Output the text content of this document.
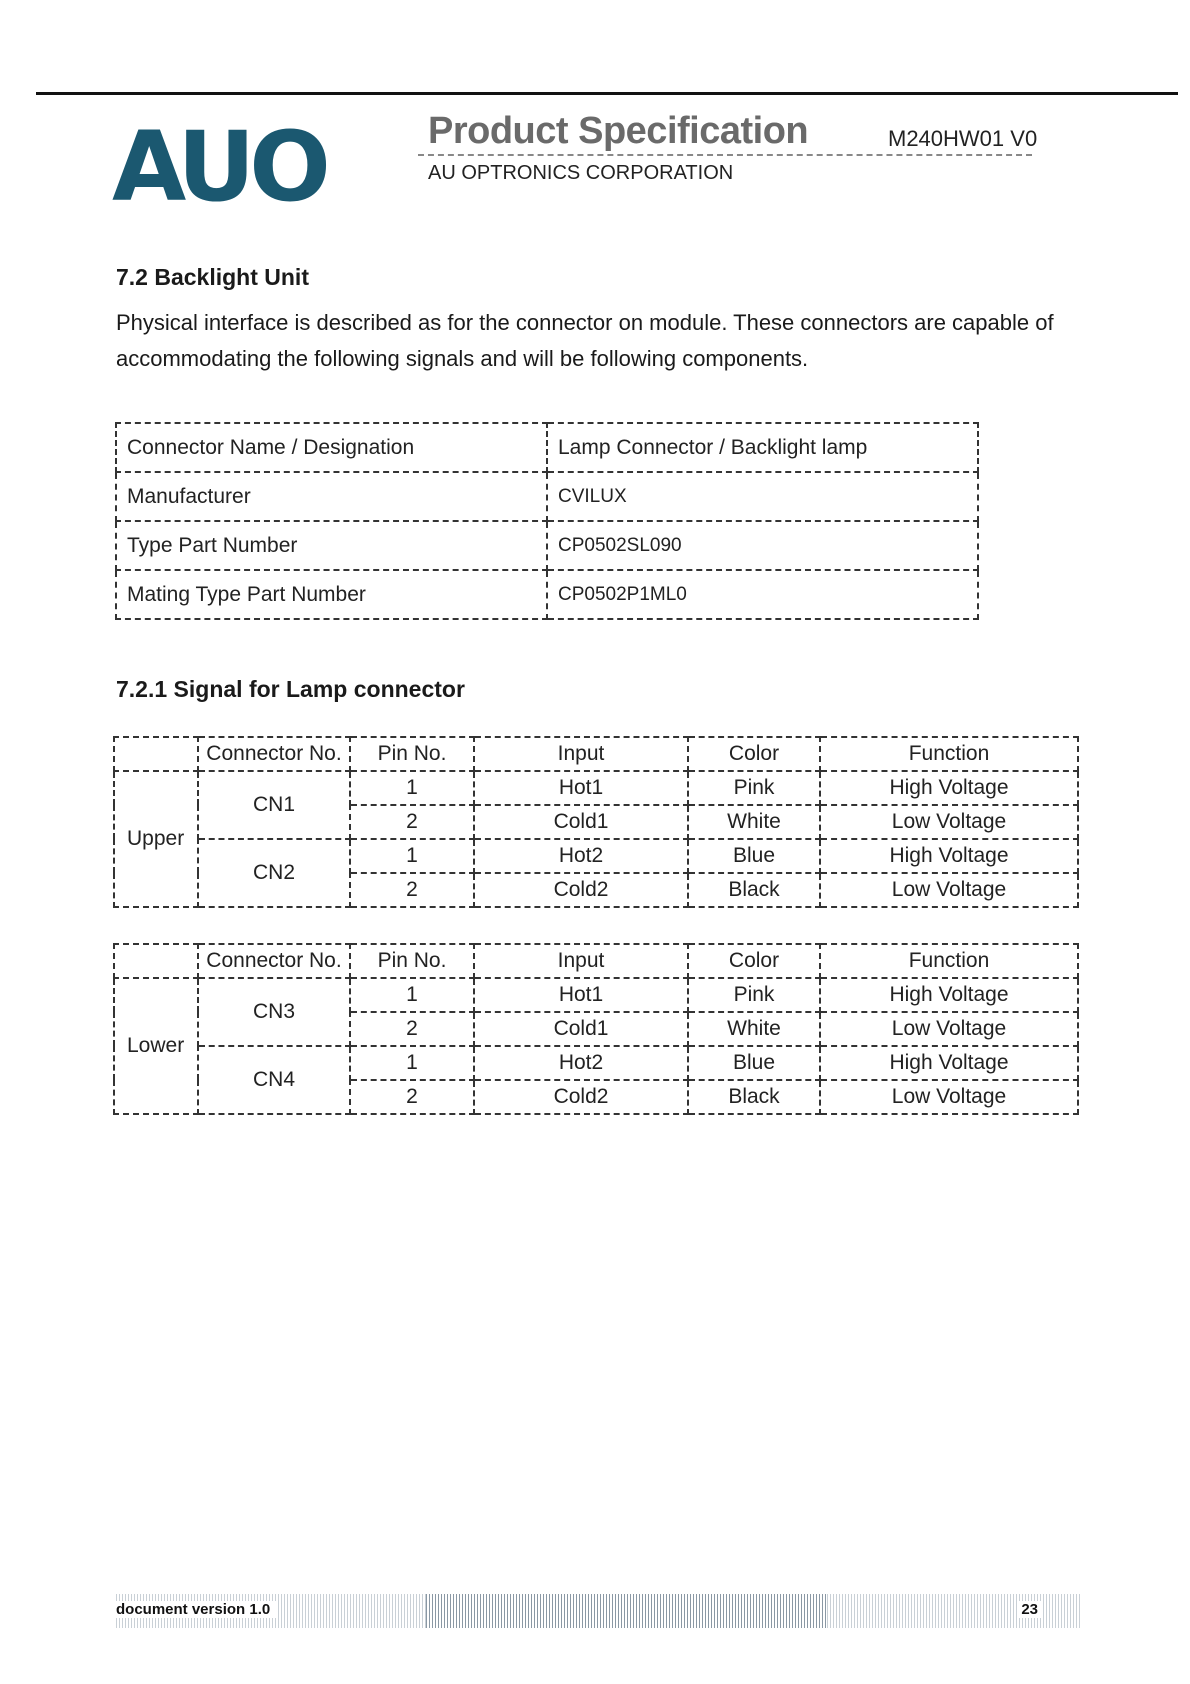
AUO	Product Specification	M240HW01 V0
AU OPTRONICS CORPORATION
7.2 Backlight Unit
Physical interface is described as for the connector on module. These connectors are capable of accommodating the following signals and will be following components.
Connector Name / Designation	Lamp Connector / Backlight lamp
Manufacturer	CVILUX
Type Part Number	CP0502SL090
Mating Type Part Number	CP0502P1ML0
7.2.1 Signal for Lamp connector
	Connector No.	Pin No.	Input	Color	Function
Upper	CN1	1	Hot1	Pink	High Voltage
		2	Cold1	White	Low Voltage
	CN2	1	Hot2	Blue	High Voltage
		2	Cold2	Black	Low Voltage
	Connector No.	Pin No.	Input	Color	Function
Lower	CN3	1	Hot1	Pink	High Voltage
		2	Cold1	White	Low Voltage
	CN4	1	Hot2	Blue	High Voltage
		2	Cold2	Black	Low Voltage
document version 1.0	23
